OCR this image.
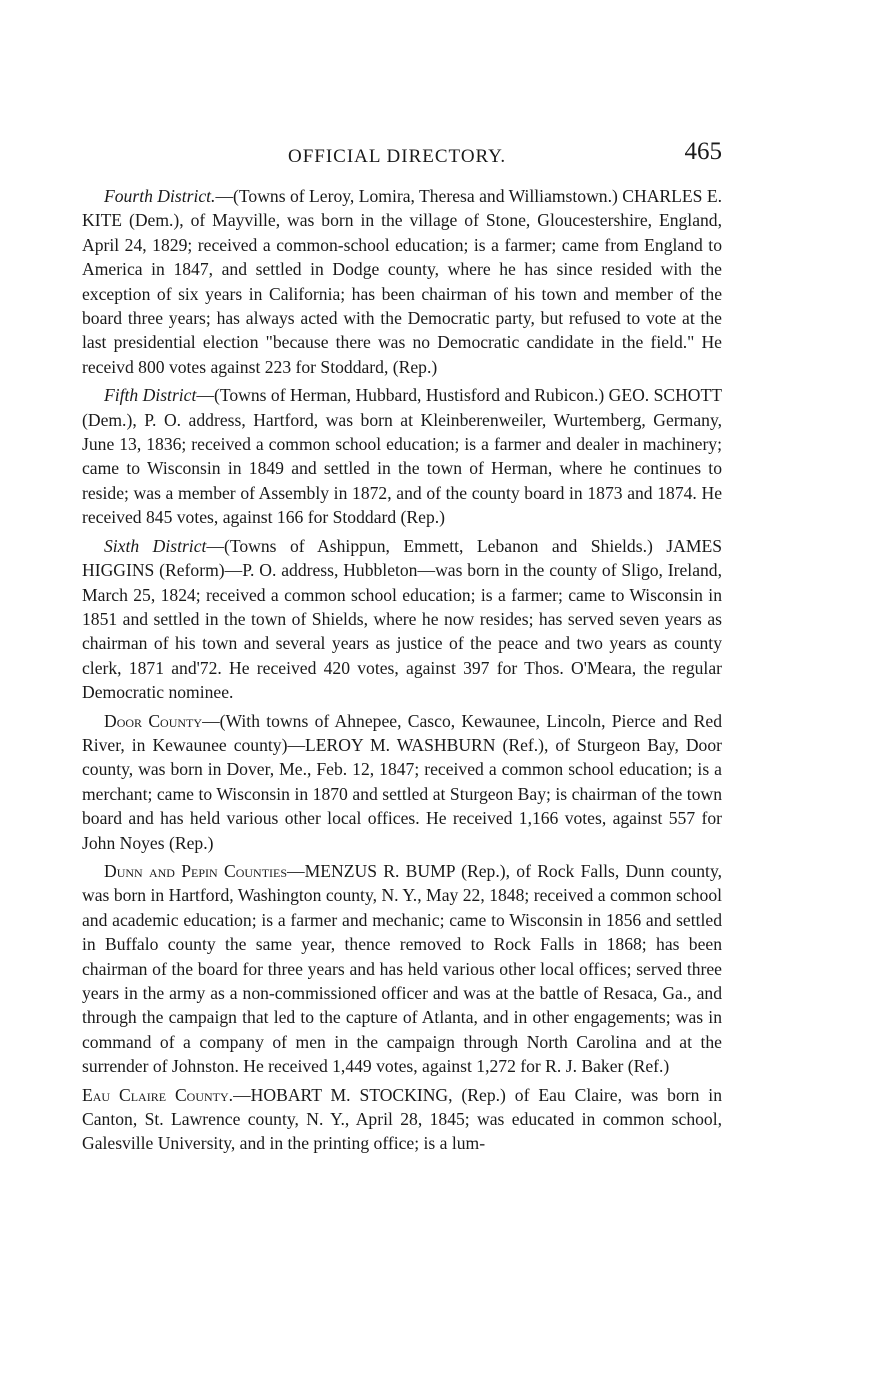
OFFICIAL DIRECTORY.	465

Fourth District.—(Towns of Leroy, Lomira, Theresa and Williamstown.) CHARLES E. KITE (Dem.), of Mayville, was born in the village of Stone, Gloucestershire, England, April 24, 1829; received a common-school education; is a farmer; came from England to America in 1847, and settled in Dodge county, where he has since resided with the exception of six years in California; has been chairman of his town and member of the board three years; has always acted with the Democratic party, but refused to vote at the last presidential election "because there was no Democratic candidate in the field." He receivd 800 votes against 223 for Stoddard, (Rep.)

Fifth District—(Towns of Herman, Hubbard, Hustisford and Rubicon.) GEO. SCHOTT (Dem.), P. O. address, Hartford, was born at Kleinberenweiler, Wurtemberg, Germany, June 13, 1836; received a common school education; is a farmer and dealer in machinery; came to Wisconsin in 1849 and settled in the town of Herman, where he continues to reside; was a member of Assembly in 1872, and of the county board in 1873 and 1874. He received 845 votes, against 166 for Stoddard (Rep.)

Sixth District—(Towns of Ashippun, Emmett, Lebanon and Shields.) JAMES HIGGINS (Reform)—P. O. address, Hubbleton—was born in the county of Sligo, Ireland, March 25, 1824; received a common school education; is a farmer; came to Wisconsin in 1851 and settled in the town of Shields, where he now resides; has served seven years as chairman of his town and several years as justice of the peace and two years as county clerk, 1871 and'72. He received 420 votes, against 397 for Thos. O'Meara, the regular Democratic nominee.

Door County—(With towns of Ahnepee, Casco, Kewaunee, Lincoln, Pierce and Red River, in Kewaunee county)—LEROY M. WASHBURN (Ref.), of Sturgeon Bay, Door county, was born in Dover, Me., Feb. 12, 1847; received a common school education; is a merchant; came to Wisconsin in 1870 and settled at Sturgeon Bay; is chairman of the town board and has held various other local offices. He received 1,166 votes, against 557 for John Noyes (Rep.)

Dunn and Pepin Counties—MENZUS R. BUMP (Rep.), of Rock Falls, Dunn county, was born in Hartford, Washington county, N. Y., May 22, 1848; received a common school and academic education; is a farmer and mechanic; came to Wisconsin in 1856 and settled in Buffalo county the same year, thence removed to Rock Falls in 1868; has been chairman of the board for three years and has held various other local offices; served three years in the army as a non-commissioned officer and was at the battle of Resaca, Ga., and through the campaign that led to the capture of Atlanta, and in other engagements; was in command of a company of men in the campaign through North Carolina and at the surrender of Johnston. He received 1,449 votes, against 1,272 for R. J. Baker (Ref.)

Eau Claire County.—HOBART M. STOCKING, (Rep.) of Eau Claire, was born in Canton, St. Lawrence county, N. Y., April 28, 1845; was educated in common school, Galesville University, and in the printing office; is a lum-
